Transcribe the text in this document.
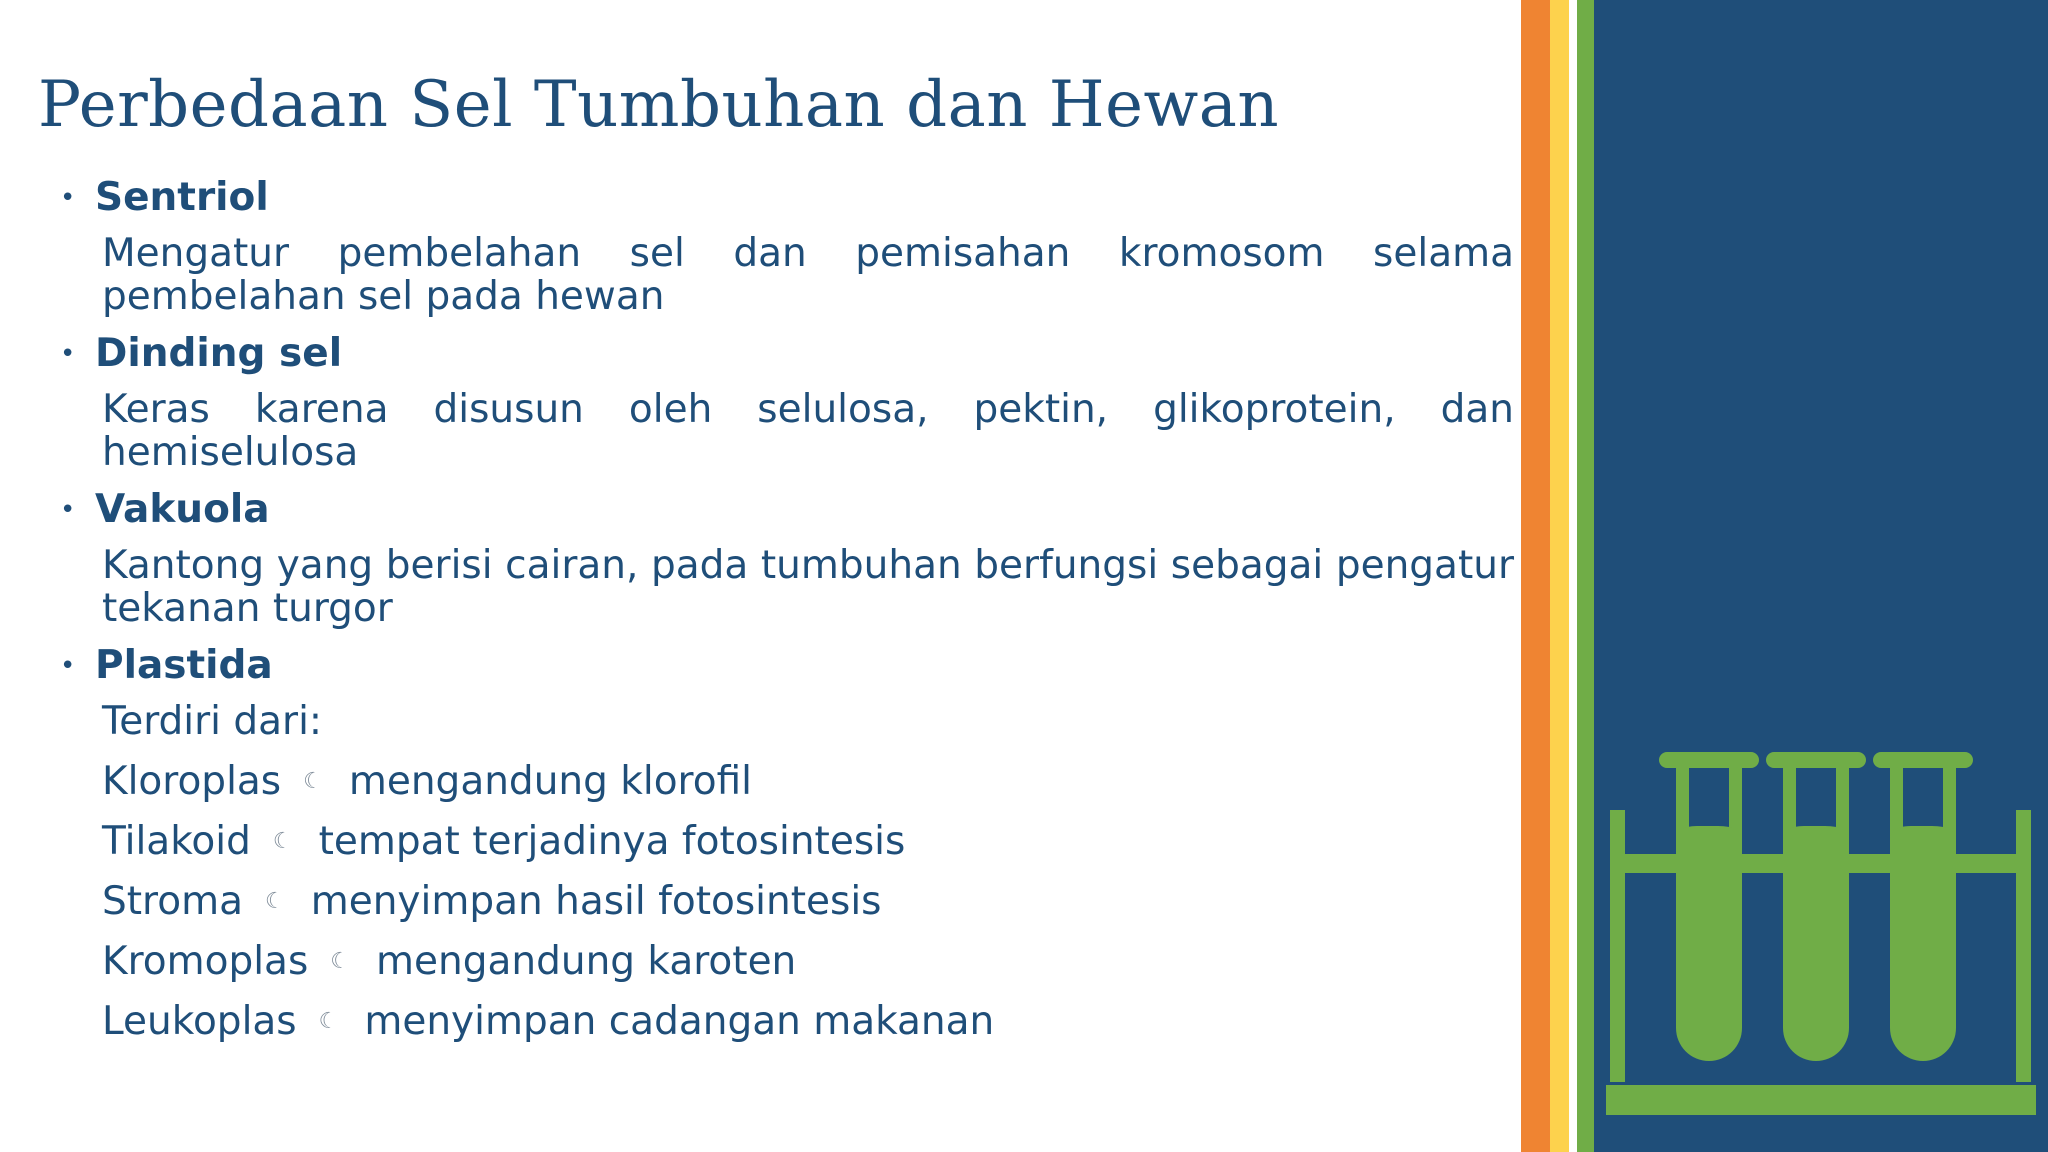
Perbedaan Sel Tumbuhan dan Hewan
• Sentriol
Mengatur pembelahan sel dan pemisahan kromosom selama pembelahan sel pada hewan
• Dinding sel
Keras karena disusun oleh selulosa, pektin, glikoprotein, dan hemiselulosa
• Vakuola
Kantong yang berisi cairan, pada tumbuhan berfungsi sebagai pengatur tekanan turgor
• Plastida
Terdiri dari:
Kloroplas ☾ mengandung klorofil
Tilakoid ☾ tempat terjadinya fotosintesis
Stroma ☾ menyimpan hasil fotosintesis
Kromoplas ☾ mengandung karoten
Leukoplas ☾ menyimpan cadangan makanan
